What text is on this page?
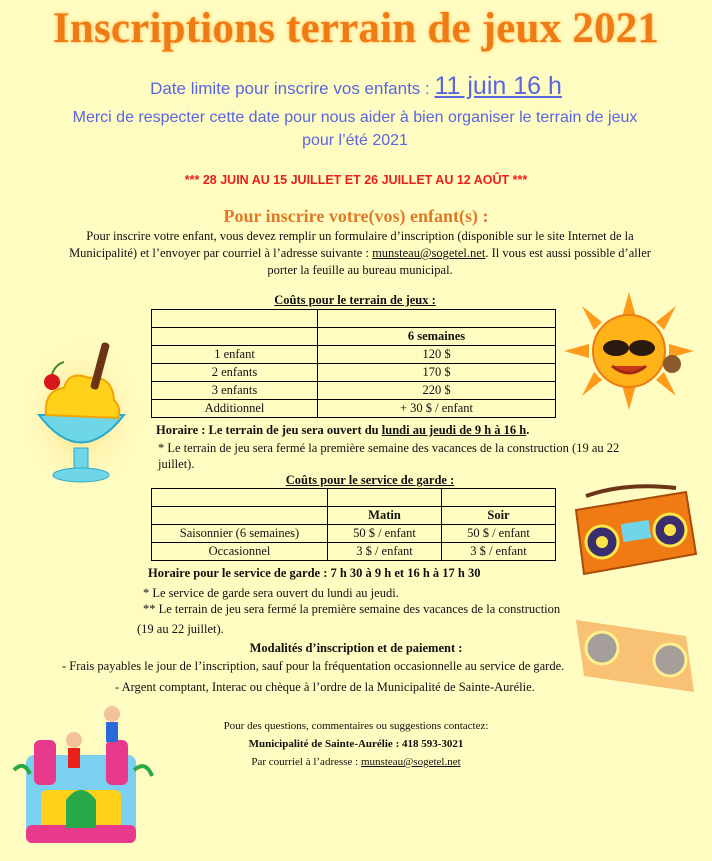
Inscriptions terrain de jeux 2021
Date limite pour inscrire vos enfants : 11 juin 16 h
Merci de respecter cette date pour nous aider à bien organiser le terrain de jeux pour l’été 2021
*** 28 JUIN AU 15 JUILLET ET 26 JUILLET AU 12 AOÛT ***
Pour inscrire votre(vos) enfant(s) :
Pour inscrire votre enfant, vous devez remplir un formulaire d’inscription (disponible sur le site Internet de la Municipalité) et l’envoyer par courriel à l’adresse suivante : munsteau@sogetel.net. Il vous est aussi possible d’aller porter la feuille au bureau municipal.
Coûts pour le terrain de jeux :

	6 semaines
1 enfant	120 $
2 enfants	170 $
3 enfants	220 $
Additionnel	+ 30 $ / enfant
Horaire : Le terrain de jeu sera ouvert du lundi au jeudi de 9 h à 16 h.
* Le terrain de jeu sera fermé la première semaine des vacances de la construction (19 au 22 juillet).
Coûts pour le service de garde :

	Matin	Soir
Saisonnier (6 semaines)	50 $ / enfant	50 $ / enfant
Occasionnel	3 $ / enfant	3 $ / enfant
Horaire pour le service de garde : 7 h 30 à 9 h et 16 h à 17 h 30
* Le service de garde sera ouvert du lundi au jeudi.
** Le terrain de jeu sera fermé la première semaine des vacances de la construction
(19 au 22 juillet).
Modalités d’inscription et de paiement :
- Frais payables le jour de l’inscription, sauf pour la fréquentation occasionnelle au service de garde.
- Argent comptant, Interac ou chèque à l’ordre de la Municipalité de Sainte-Aurélie.
Pour des questions, commentaires ou suggestions contactez:
Municipalité de Sainte-Aurélie : 418 593-3021
Par courriel à l’adresse : munsteau@sogetel.net
